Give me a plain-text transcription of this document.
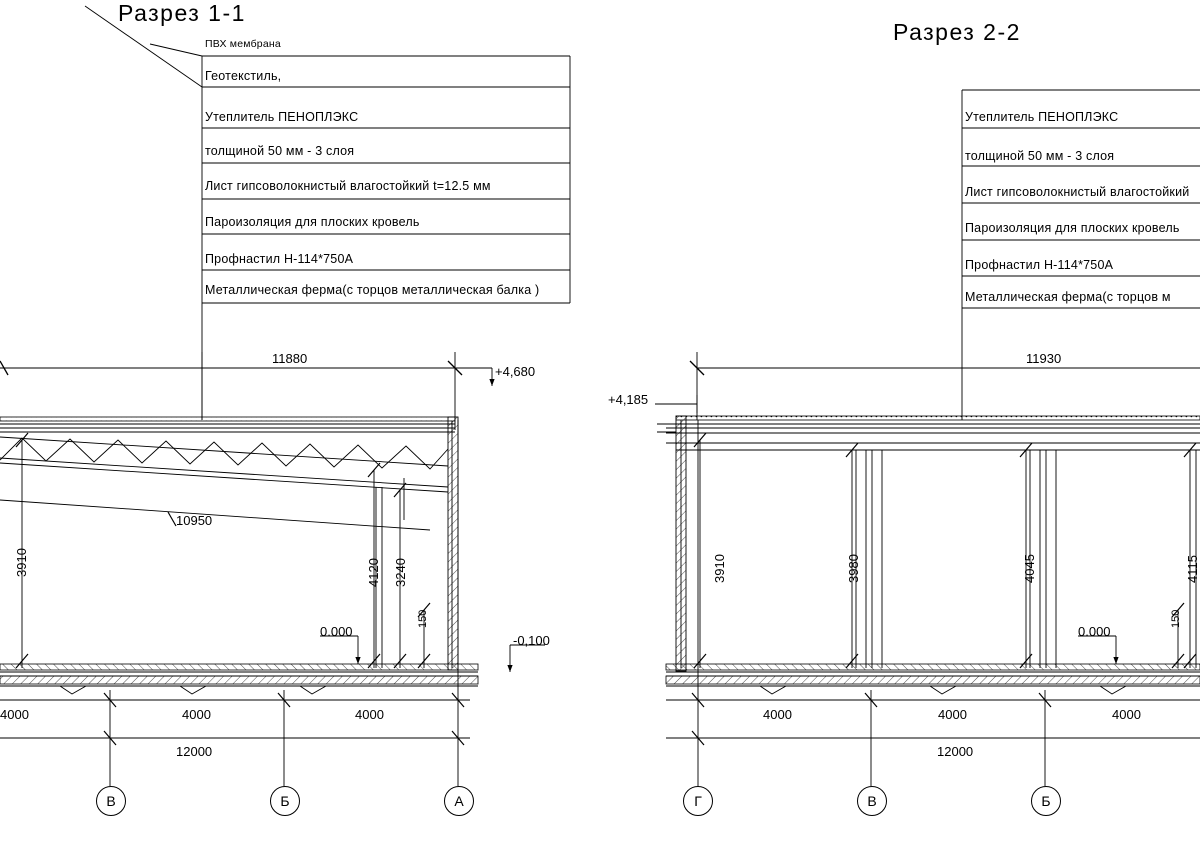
Разрез 1-1
Разрез 2-2
ПВХ мембрана
Геотекстиль,
Утеплитель ПЕНОПЛЭКС
толщиной 50 мм - 3 слоя
Лист гипсоволокнистый влагостойкий t=12.5 мм
Пароизоляция для плоских кровель
Профнастил Н-114*750А
Металлическая ферма(с торцов металлическая балка )
Утеплитель ПЕНОПЛЭКС
толщиной 50 мм - 3 слоя
Лист гипсоволокнистый влагостойкий
Пароизоляция для плоских кровель
Профнастил Н-114*750А
Металлическая ферма(с торцов м
11880
+4,680
10950
3910	4120 3240
150
0.000
-0,100
4000	4000	4000
12000
11930
+4,185
3910	3980	4045	4115
150
0.000
4000	4000	4000
12000
В	Б	А	Г	В	Б
